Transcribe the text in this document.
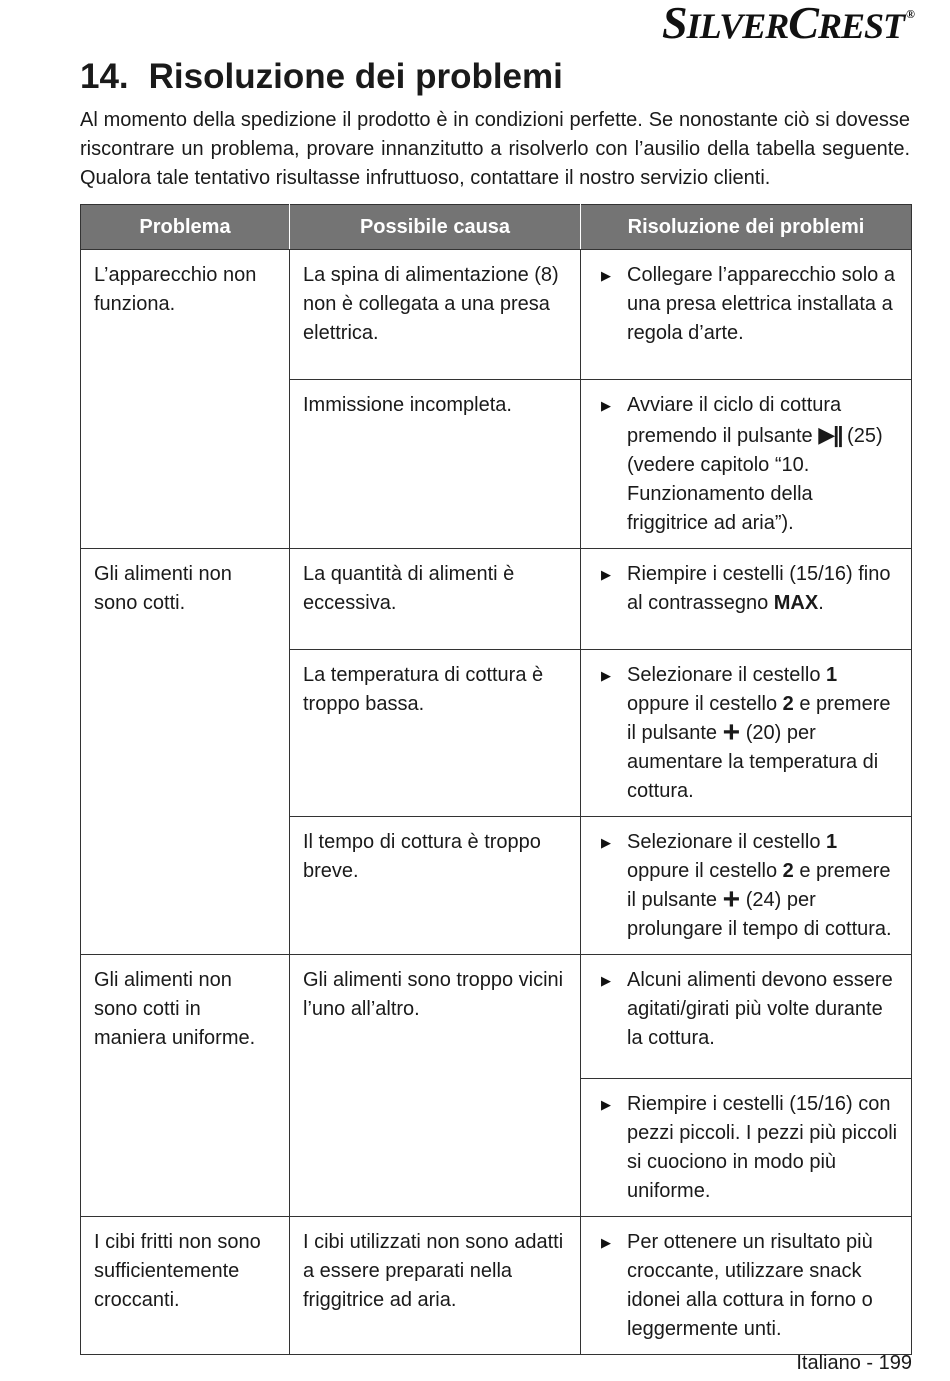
SILVERCREST ®
14. Risoluzione dei problemi

Al momento della spedizione il prodotto è in condizioni perfette. Se nonostante ciò si dovesse riscontrare un problema, provare innanzitutto a risolverlo con l’ausilio della tabella seguente. Qualora tale tentativo risultasse infruttuoso, contattare il nostro servizio clienti.

Problema	Possibile causa	Risoluzione dei problemi
L’apparecchio non funziona.	La spina di alimentazione (8) non è collegata a una presa elettrica.	▶ Collegare l’apparecchio solo a una presa elettrica installata a regola d’arte.

	Immissione incompleta.	▶ Avviare il ciclo di cottura premendo il pulsante ▶|| (25) (vedere capitolo “10. Funzionamento della friggitrice ad aria”).

Gli alimenti non sono cotti.	La quantità di alimenti è eccessiva.	▶ Riempire i cestelli (15/16) fino al contrassegno MAX.

	La temperatura di cottura è troppo bassa.	▶ Selezionare il cestello 1 oppure il cestello 2 e premere il pulsante + (20) per aumentare la temperatura di cottura.

	Il tempo di cottura è troppo breve.	▶ Selezionare il cestello 1 oppure il cestello 2 e premere il pulsante + (24) per prolungare il tempo di cottura.

Gli alimenti non sono cotti in maniera uniforme.	Gli alimenti sono troppo vicini l’uno all’altro.	▶ Alcuni alimenti devono essere agitati/girati più volte durante la cottura.

		▶ Riempire i cestelli (15/16) con pezzi piccoli. I pezzi più piccoli si cuociono in modo più uniforme.

I cibi fritti non sono sufficientemente croccanti.	I cibi utilizzati non sono adatti a essere preparati nella friggitrice ad aria.	▶ Per ottenere un risultato più croccante, utilizzare snack idonei alla cottura in forno o leggermente unti.
Italiano - 199
